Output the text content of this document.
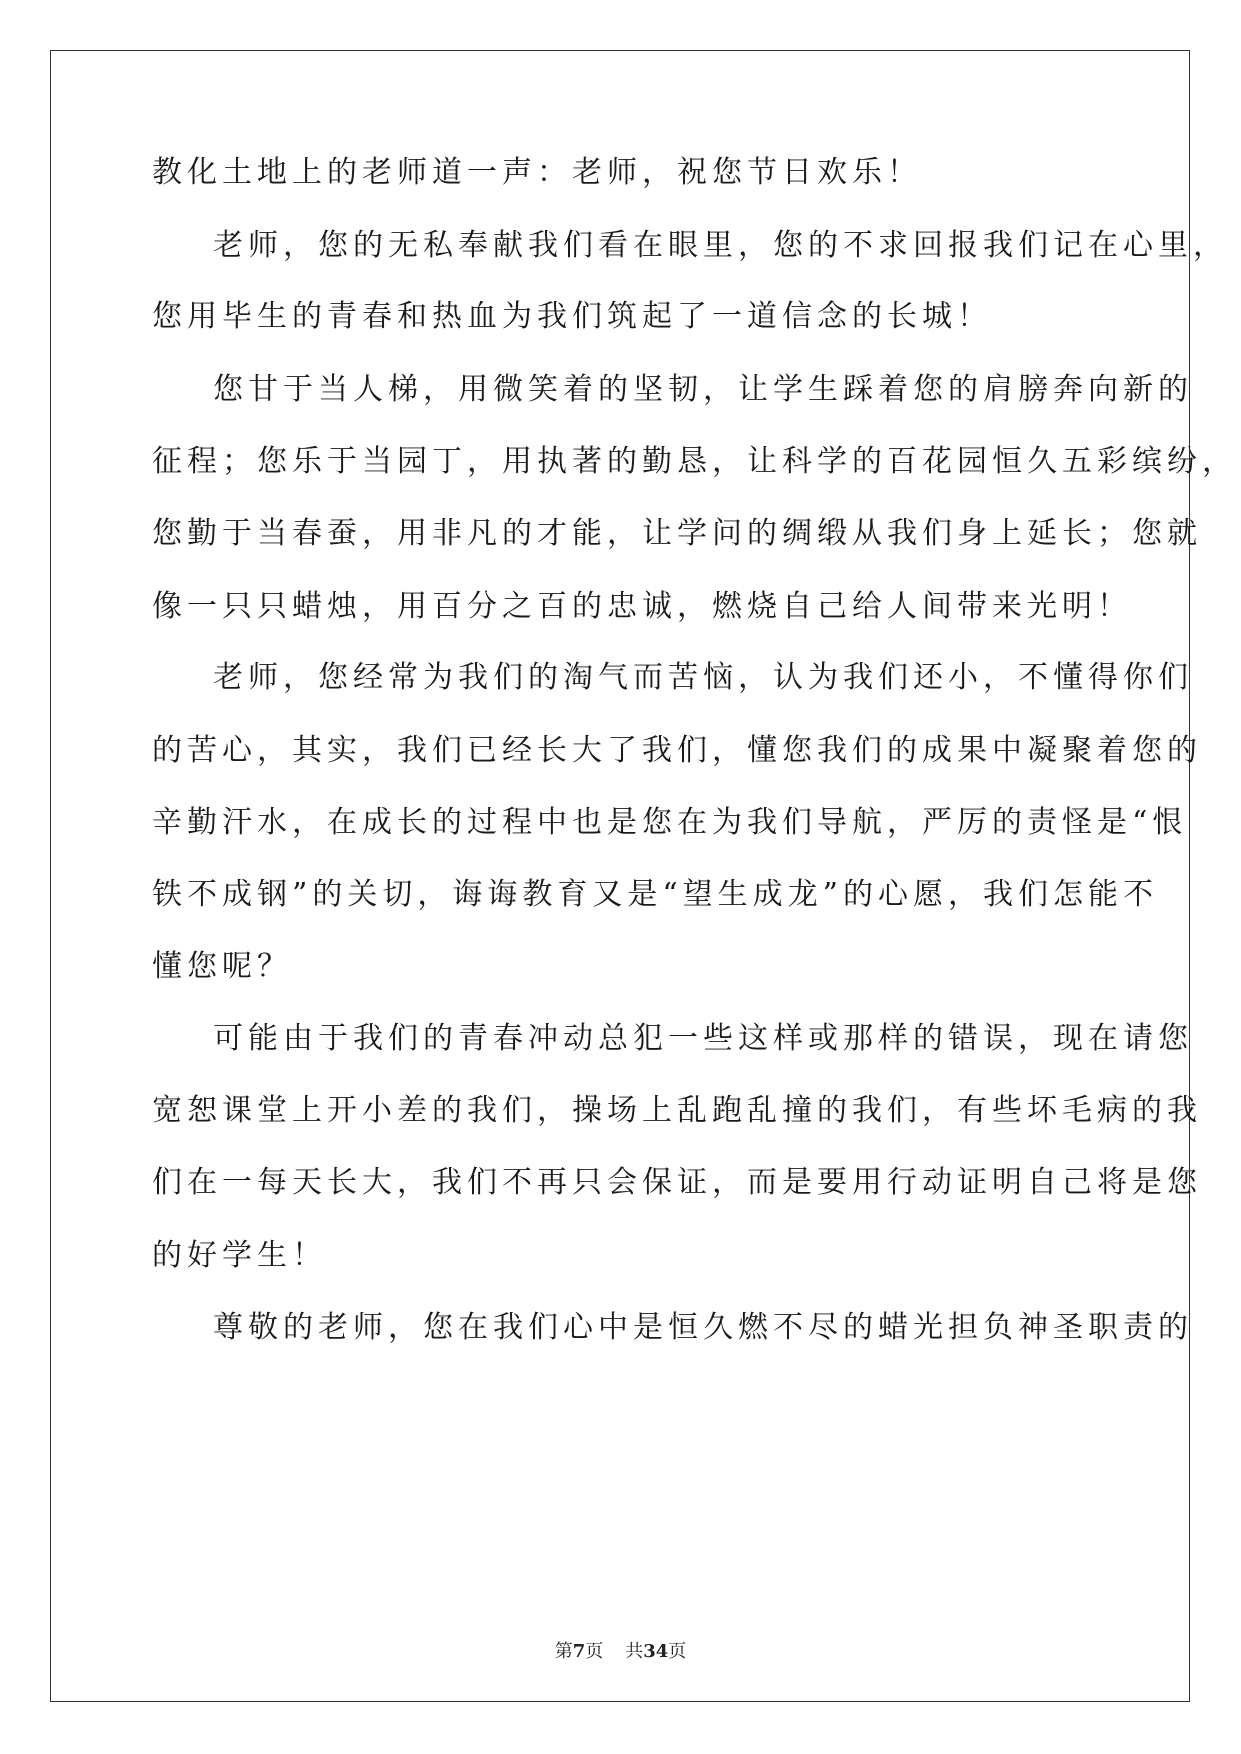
教化土地上的老师道一声：老师，祝您节日欢乐！
老师，您的无私奉献我们看在眼里，您的不求回报我们记在心里，
您用毕生的青春和热血为我们筑起了一道信念的长城！
您甘于当人梯，用微笑着的坚韧，让学生踩着您的肩膀奔向新的
征程；您乐于当园丁，用执著的勤恳，让科学的百花园恒久五彩缤纷，
您勤于当春蚕，用非凡的才能，让学问的绸缎从我们身上延长；您就
像一只只蜡烛，用百分之百的忠诚，燃烧自己给人间带来光明！
老师，您经常为我们的淘气而苦恼，认为我们还小，不懂得你们
的苦心，其实，我们已经长大了我们，懂您我们的成果中凝聚着您的
辛勤汗水，在成长的过程中也是您在为我们导航，严厉的责怪是“恨
铁不成钢”的关切，诲诲教育又是“望生成龙”的心愿，我们怎能不
懂您呢？
可能由于我们的青春冲动总犯一些这样或那样的错误，现在请您
宽恕课堂上开小差的我们，操场上乱跑乱撞的我们，有些坏毛病的我
们在一每天长大，我们不再只会保证，而是要用行动证明自己将是您
的好学生！
尊敬的老师，您在我们心中是恒久燃不尽的蜡光担负神圣职责的
第7页 共34页
